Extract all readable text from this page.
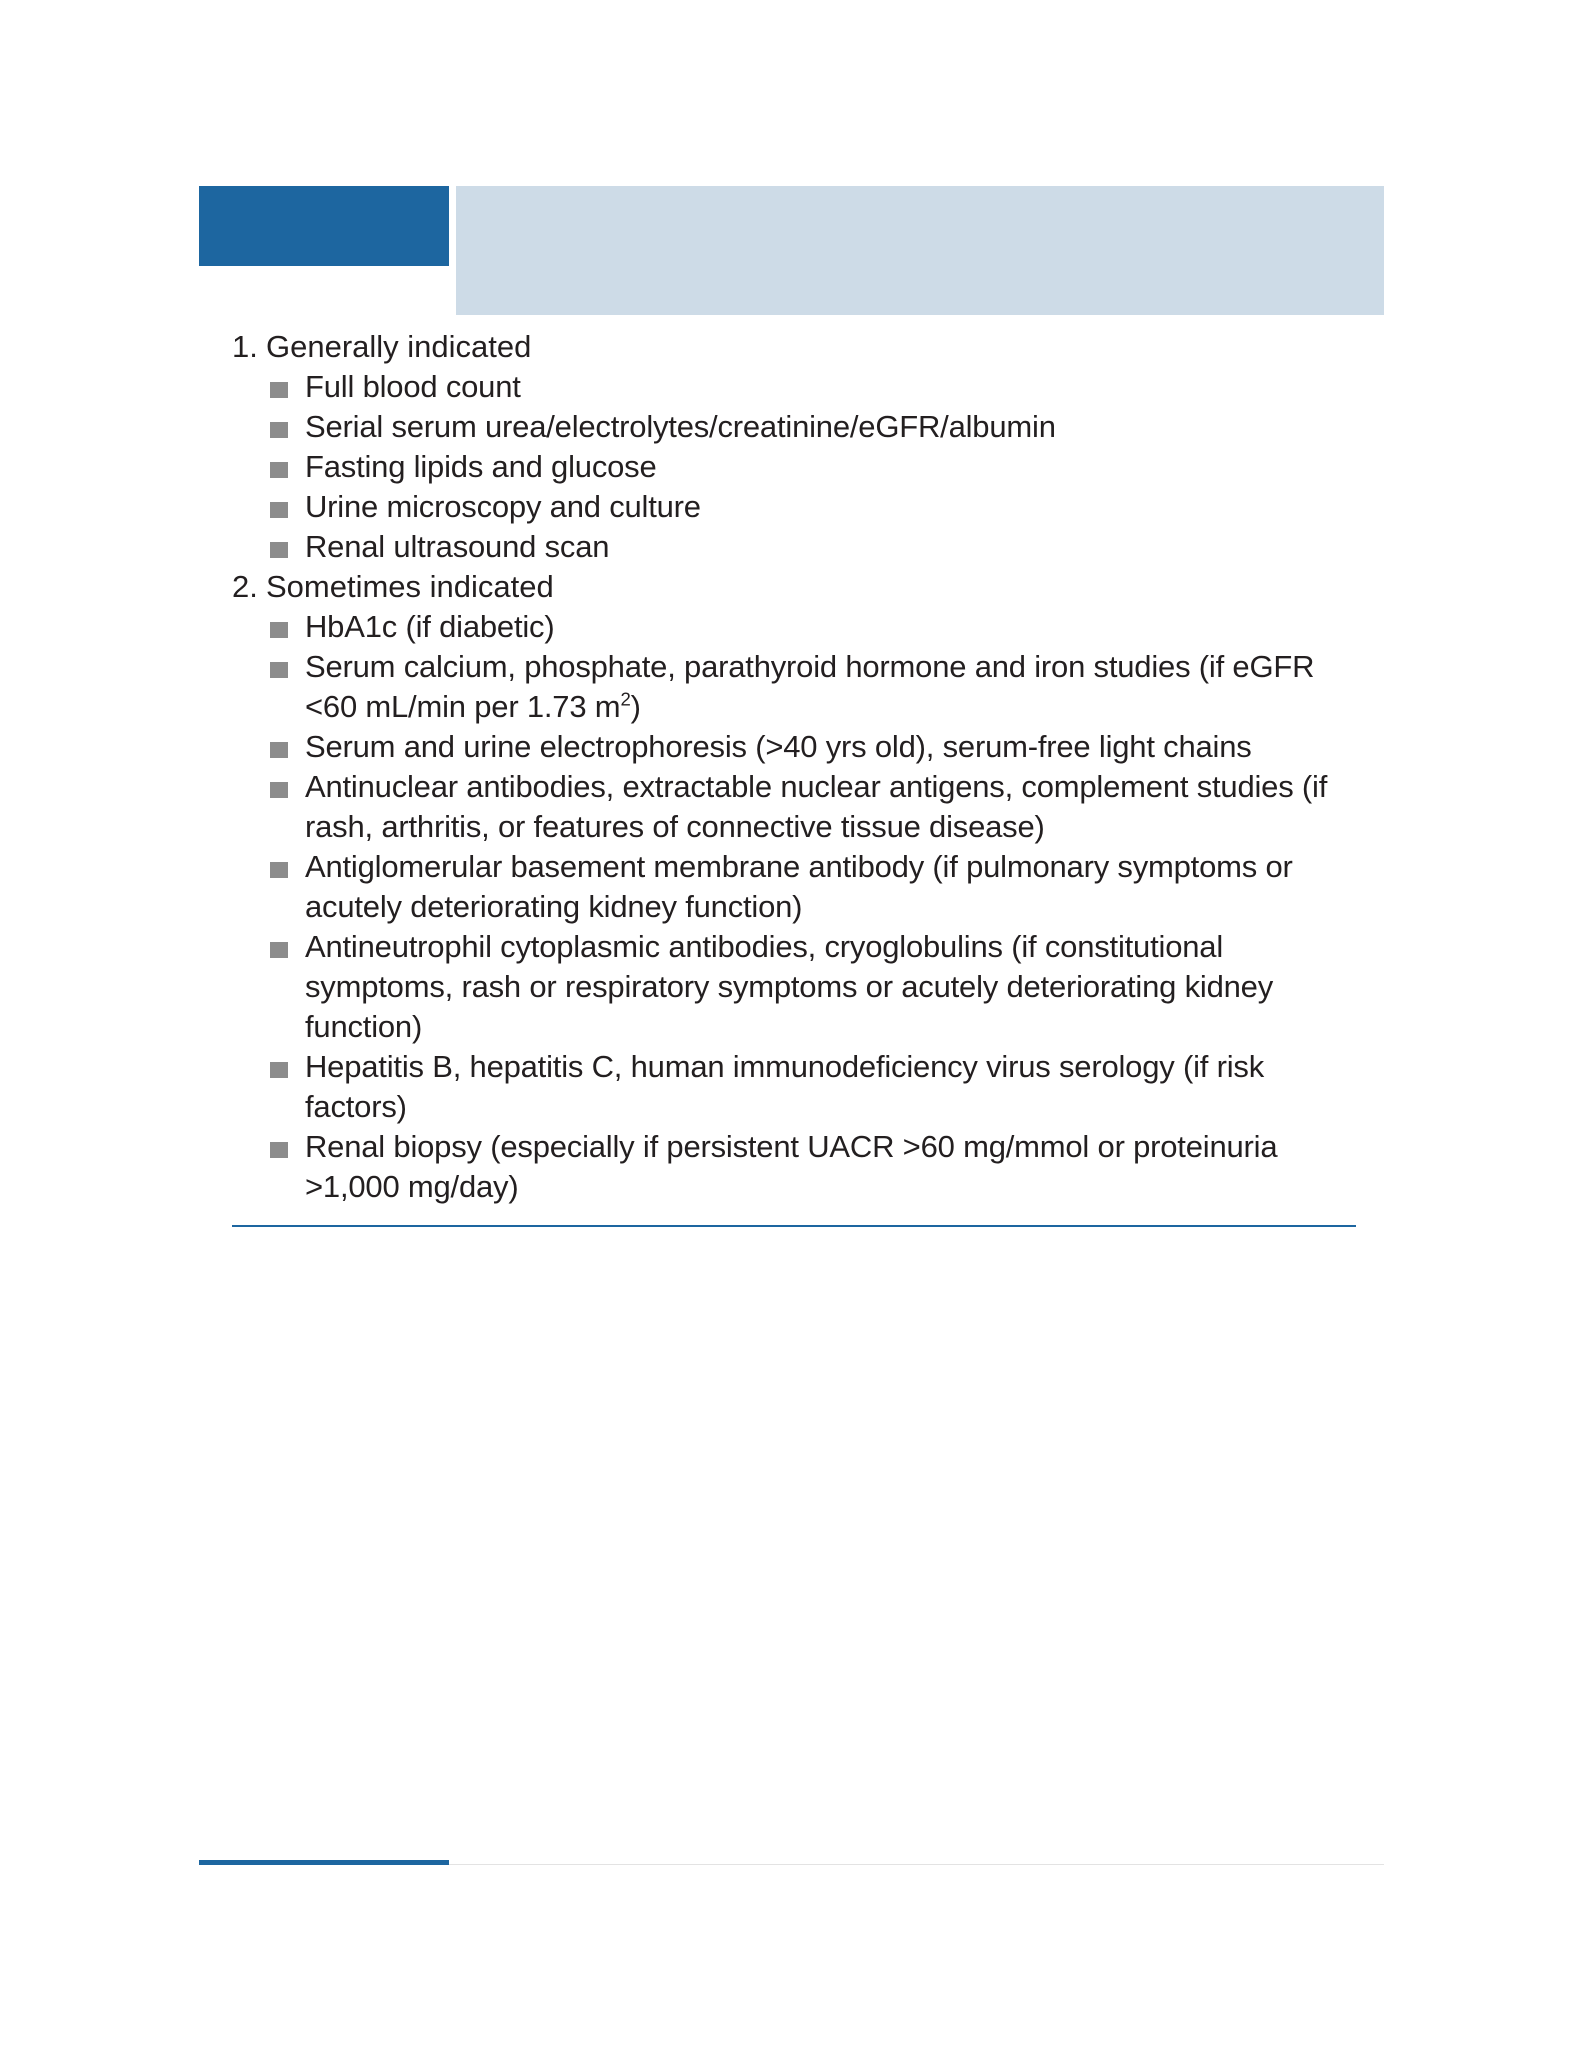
1. Generally indicated
Full blood count
Serial serum urea/electrolytes/creatinine/eGFR/albumin
Fasting lipids and glucose
Urine microscopy and culture
Renal ultrasound scan
2. Sometimes indicated
HbA1c (if diabetic)
Serum calcium, phosphate, parathyroid hormone and iron studies (if eGFR <60 mL/min per 1.73 $m^2$)
Serum and urine electrophoresis (>40 yrs old), serum-free light chains
Antinuclear antibodies, extractable nuclear antigens, complement studies (if rash, arthritis, or features of connective tissue disease)
Antiglomerular basement membrane antibody (if pulmonary symptoms or acutely deteriorating kidney function)
Antineutrophil cytoplasmic antibodies, cryoglobulins (if constitutional symptoms, rash or respiratory symptoms or acutely deteriorating kidney function)
Hepatitis B, hepatitis C, human immunodeficiency virus serology (if risk factors)
Renal biopsy (especially if persistent UACR >60 mg/mmol or proteinuria >1,000 mg/day)
